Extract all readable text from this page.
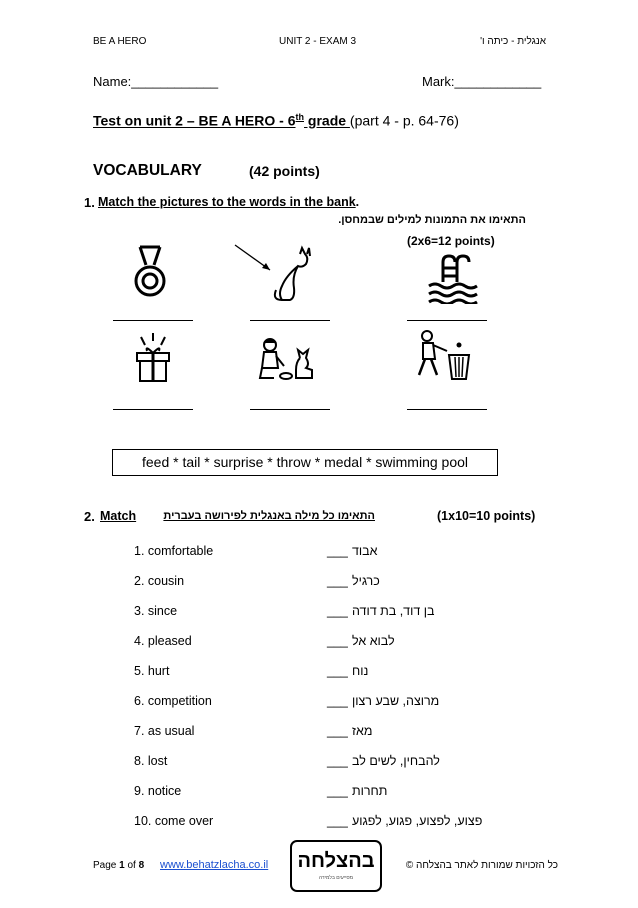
BE A HERO	UNIT 2 - EXAM 3	אנגלית - כיתה ו'
Name:____________	Mark:____________
Test on unit 2 – BE A HERO - 6th grade (part 4 - p. 64-76)
VOCABULARY	(42 points)
1. Match the pictures to the words in the bank.
התאימו את התמונות למילים שבמחסן.
(2x6=12 points)
feed * tail * surprise * throw * medal * swimming pool
2. Match התאימו כל מילה באנגלית לפירושה בעברית	(1x10=10 points)
1. comfortable	___ אבוד
2. cousin	___ כרגיל
3. since	___ בן דוד, בת דודה
4. pleased	___ לבוא אל
5. hurt	___ נוח
6. competition	___ מרוצה, שבע רצון
7. as usual	___ מאז
8. lost	___ להבחין, לשים לב
9. notice	___ תחרות
10. come over	___ פצוע, לפצוע, פגוע, לפגוע
Page 1 of 8 www.behatzlacha.co.il בהצלחה
מסייעים בלמידה
כל הזכויות שמורות לאתר בהצלחה ©
